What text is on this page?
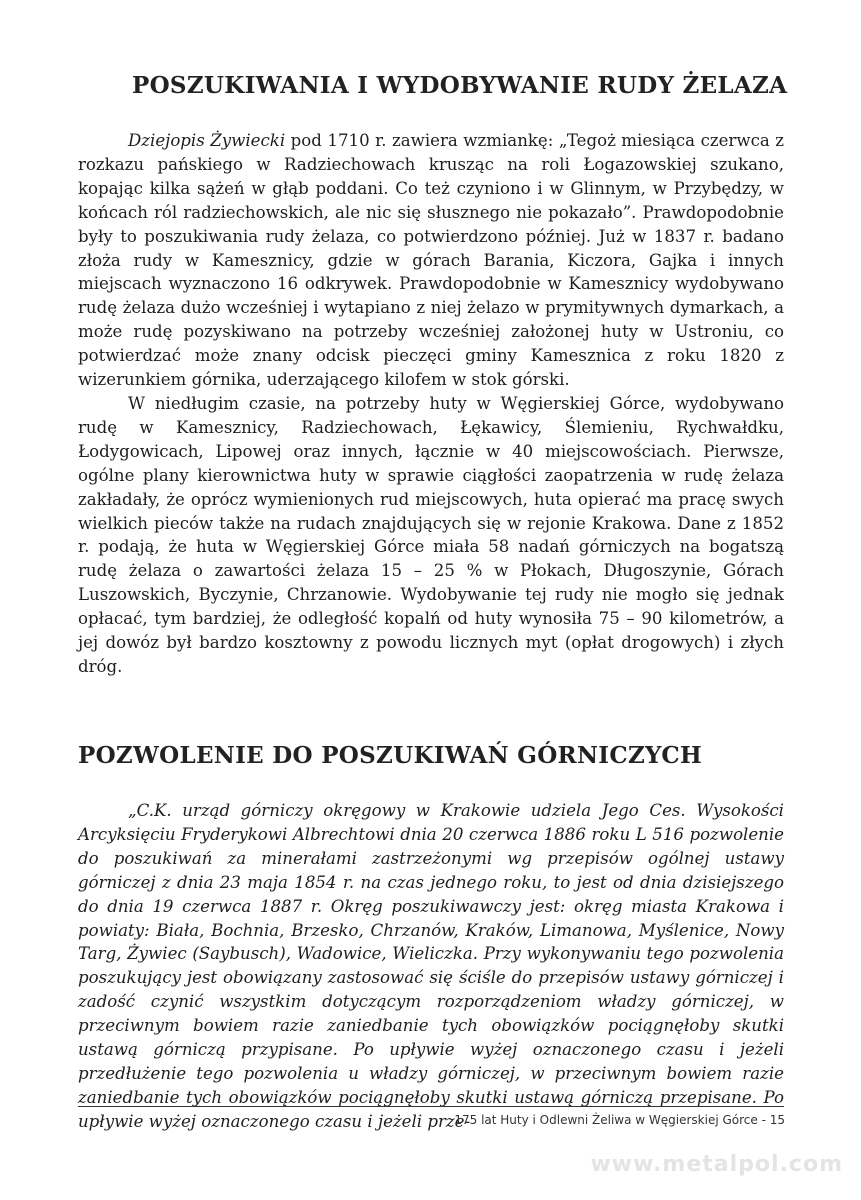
POSZUKIWANIA I WYDOBYWANIE RUDY ŻELAZA

Dziejopis Żywiecki pod 1710 r. zawiera wzmiankę: „Tegoż miesiąca czerwca z rozkazu pańskiego w Radziechowach krusząc na roli Łogazowskiej szukano, kopając kilka sążeń w głąb poddani. Co też czyniono i w Glinnym, w Przybędzy, w końcach ról radziechowskich, ale nic się słusznego nie pokazało”. Prawdopodobnie były to poszukiwania rudy żelaza, co potwierdzono później. Już w 1837 r. badano złoża rudy w Kamesznicy, gdzie w górach Barania, Kiczora, Gajka i innych miejscach wyznaczono 16 odkrywek. Prawdopodobnie w Kamesznicy wydobywano rudę żelaza dużo wcześniej i wytapiano z niej żelazo w prymitywnych dymarkach, a może rudę pozyskiwano na potrzeby wcześniej założonej huty w Ustroniu, co potwierdzać może znany odcisk pieczęci gminy Kamesznica z roku 1820 z wizerunkiem górnika, uderzającego kilofem w stok górski.

W niedługim czasie, na potrzeby huty w Węgierskiej Górce, wydobywano rudę w Kamesznicy, Radziechowach, Łękawicy, Ślemieniu, Rychwałdku, Łodygowicach, Lipowej oraz innych, łącznie w 40 miejscowościach. Pierwsze, ogólne plany kierownictwa huty w sprawie ciągłości zaopatrzenia w rudę żelaza zakładały, że oprócz wymienionych rud miejscowych, huta opierać ma pracę swych wielkich pieców także na rudach znajdujących się w rejonie Krakowa. Dane z 1852 r. podają, że huta w Węgierskiej Górce miała 58 nadań górniczych na bogatszą rudę żelaza o zawartości żelaza 15 – 25 % w Płokach, Długoszynie, Górach Luszowskich, Byczynie, Chrzanowie. Wydobywanie tej rudy nie mogło się jednak opłacać, tym bardziej, że odległość kopalń od huty wynosiła 75 – 90 kilometrów, a jej dowóz był bardzo kosztowny z powodu licznych myt (opłat drogowych) i złych dróg.

POZWOLENIE DO POSZUKIWAŃ GÓRNICZYCH

„C.K. urząd górniczy okręgowy w Krakowie udziela Jego Ces. Wysokości Arcyksięciu Fryderykowi Albrechtowi dnia 20 czerwca 1886 roku L 516 pozwolenie do poszukiwań za minerałami zastrzeżonymi wg przepisów ogólnej ustawy górniczej z dnia 23 maja 1854 r. na czas jednego roku, to jest od dnia dzisiejszego do dnia 19 czerwca 1887 r. Okręg poszukiwawczy jest: okręg miasta Krakowa i powiaty: Biała, Bochnia, Brzesko, Chrzanów, Kraków, Limanowa, Myślenice, Nowy Targ, Żywiec (Saybusch), Wadowice, Wieliczka. Przy wykonywaniu tego pozwolenia poszukujący jest obowiązany zastosować się ściśle do przepisów ustawy górniczej i zadość czynić wszystkim dotyczącym rozporządzeniom władzy górniczej, w przeciwnym bowiem razie zaniedbanie tych obowiązków pociągnęłoby skutki ustawą górniczą przypisane. Po upływie wyżej oznaczonego czasu i jeżeli przedłużenie tego pozwolenia u władzy górniczej, w przeciwnym bowiem razie zaniedbanie tych obowiązków pociągnęłoby skutki ustawą górniczą przepisane. Po upływie wyżej oznaczonego czasu i jeżeli prze-

175 lat Huty i Odlewni Żeliwa w Węgierskiej Górce - 15
www.metalpol.com
